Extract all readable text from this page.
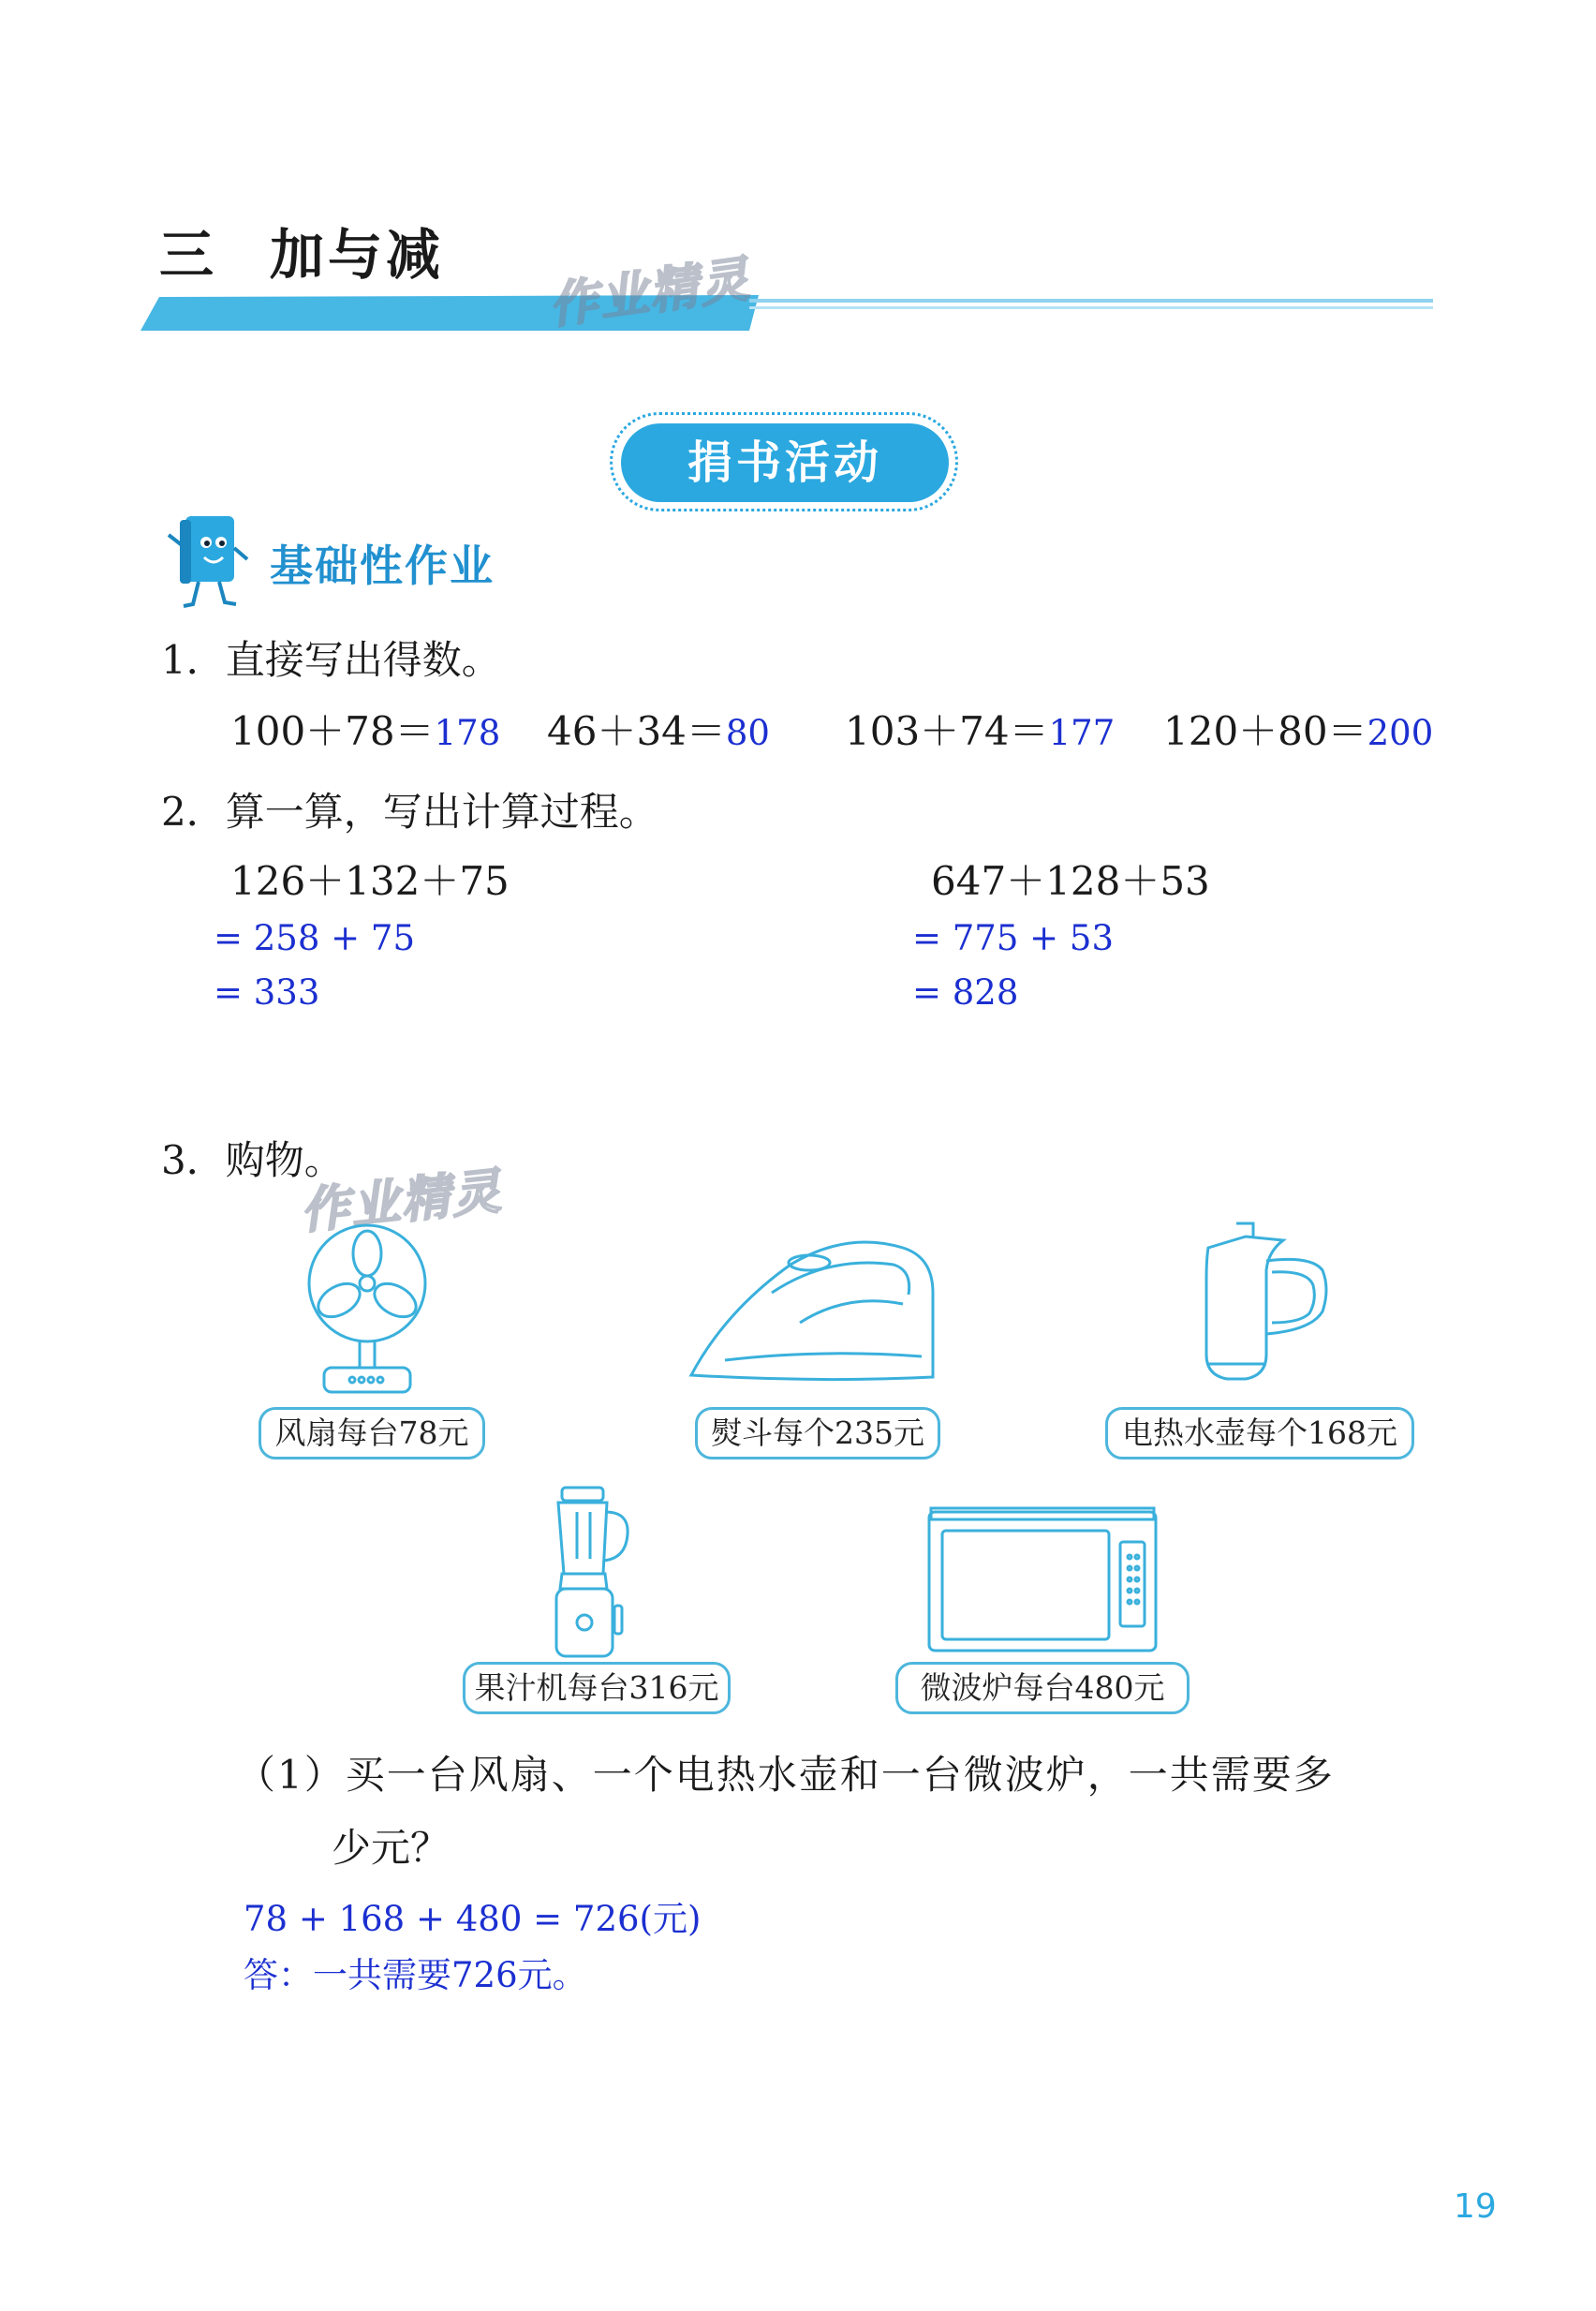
三 加与减 作业精灵
捐书活动
基础性作业
1．直接写出得数。
100＋78＝178 46＋34＝80 103＋74＝177 120＋80＝200
2．算一算，写出计算过程。
126＋132＋75
= 258 + 75
= 333
647＋128＋53
= 775 + 53
= 828
3．购物。
作业精灵
风扇每台78元	熨斗每个235元	电热水壶每个168元
果汁机每台316元	微波炉每台480元
（1）买一台风扇、一个电热水壶和一台微波炉，一共需要多
少元？
78 + 168 + 480 = 726(元)
答：一共需要726元。
19
